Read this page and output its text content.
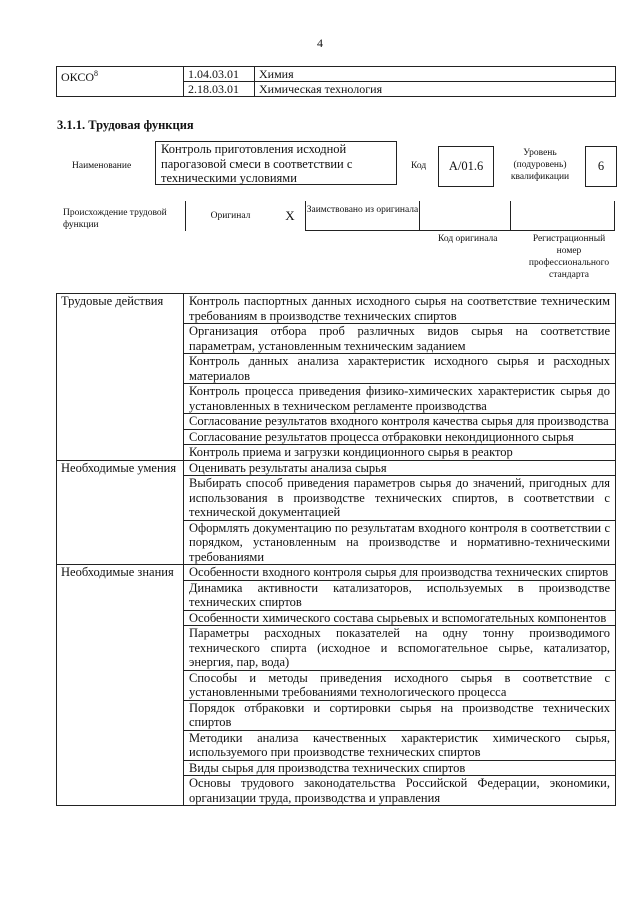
4
ОКСО$^8$	1.04.03.01	Химия
	2.18.03.01	Химическая технология
3.1.1. Трудовая функция
Наименование
Контроль приготовления исходной парогазовой смеси в соответствии с техническими условиями
Код	А/01.6
Уровень (подуровень) квалификации
6
Происхождение трудовой функции
Оригинал	X	Заимствовано из оригинала
Код оригинала	Регистрационный номер профессионального стандарта
Трудовые действия	Контроль паспортных данных исходного сырья на соответствие техническим требованиям в производстве технических спиртов
	Организация отбора проб различных видов сырья на соответствие параметрам, установленным техническим заданием
	Контроль данных анализа характеристик исходного сырья и расходных материалов
	Контроль процесса приведения физико-химических характеристик сырья до установленных в техническом регламенте производства
	Согласование результатов входного контроля качества сырья для производства
	Согласование результатов процесса отбраковки некондиционного сырья
	Контроль приема и загрузки кондиционного сырья в реактор
Необходимые умения	Оценивать результаты анализа сырья
	Выбирать способ приведения параметров сырья до значений, пригодных для использования в производстве технических спиртов, в соответствии с технической документацией
	Оформлять документацию по результатам входного контроля в соответствии с порядком, установленным на производстве и нормативно-техническими требованиями
Необходимые знания	Особенности входного контроля сырья для производства технических спиртов
	Динамика активности катализаторов, используемых в производстве технических спиртов
	Особенности химического состава сырьевых и вспомогательных компонентов
	Параметры расходных показателей на одну тонну производимого технического спирта (исходное и вспомогательное сырье, катализатор, энергия, пар, вода)
	Способы и методы приведения исходного сырья в соответствие с установленными требованиями технологического процесса
	Порядок отбраковки и сортировки сырья на производстве технических спиртов
	Методики анализа качественных характеристик химического сырья, используемого при производстве технических спиртов
	Виды сырья для производства технических спиртов
	Основы трудового законодательства Российской Федерации, экономики, организации труда, производства и управления
